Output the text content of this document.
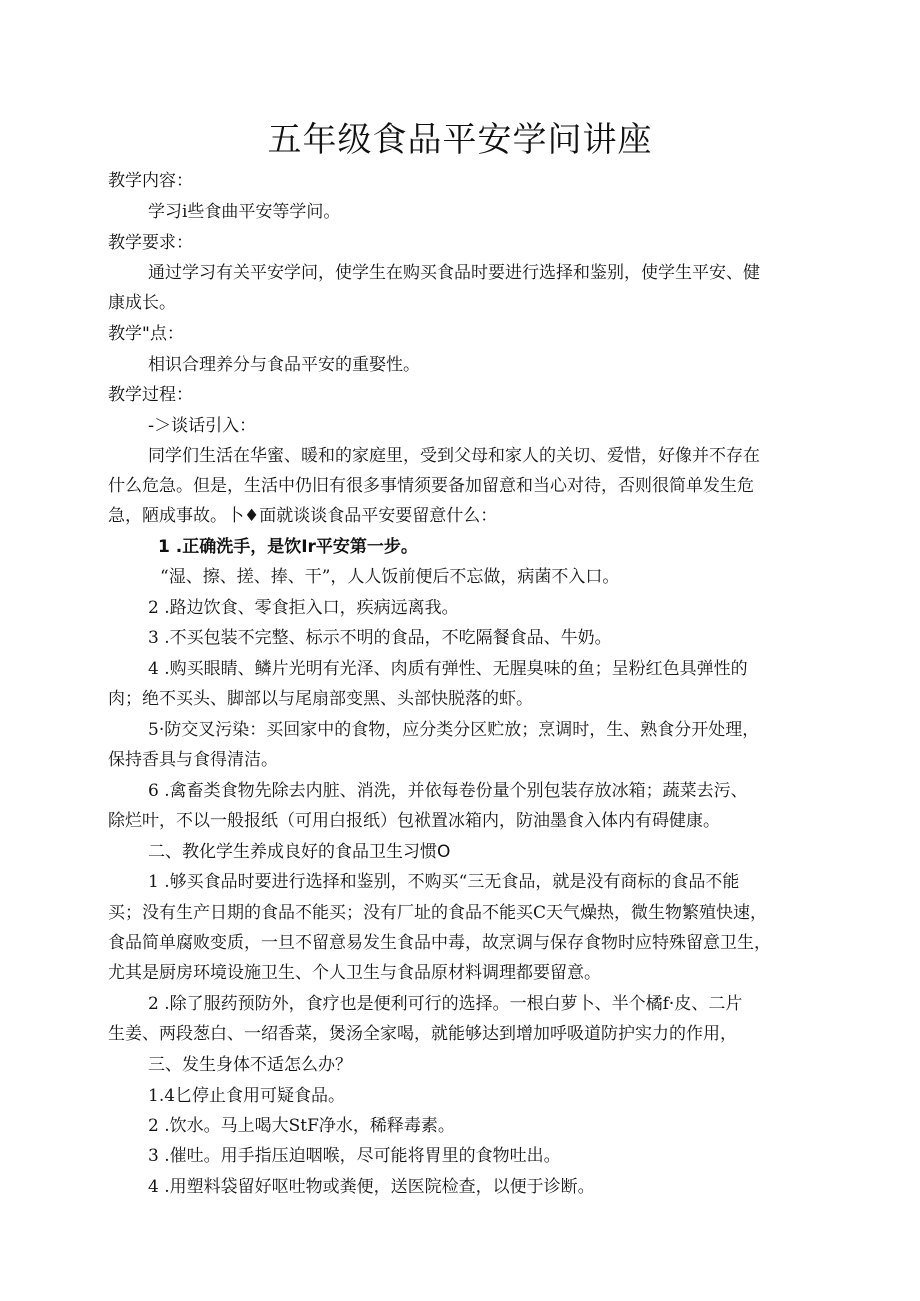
五年级食品平安学问讲座
教学内容：
学习i些食曲平安等学问。
教学要求：
通过学习有关平安学问，使学生在购买食品时要进行选择和鉴别，使学生平安、健
康成长。
教学"点：
相识合理养分与食品平安的重娶性。
教学过程：
-＞谈话引入：
同学们生活在华蜜、暖和的家庭里，受到父母和家人的关切、爱惜，好像并不存在
什么危急。但是，生活中仍旧有很多事情须要备加留意和当心对待，否则很简单发生危
急，陋成事故。卜♦面就谈谈食品平安要留意什么：
1 .正确洗手，是饮Ir平安第一步。
“湿、擦、搓、捧、干”，人人饭前便后不忘做，病菌不入口。
2 .路边饮食、零食拒入口，疾病远离我。
3 .不买包装不完整、标示不明的食品，不吃隔餐食品、牛奶。
4 .购买眼睛、鳞片光明有光泽、肉质有弹性、无腥臭味的鱼；呈粉红色具弹性的
肉；绝不买头、脚部以与尾扇部变黑、头部快脱落的虾。
5·防交叉污染：买回家中的食物，应分类分区贮放；烹调时，生、熟食分开处理，
保持香具与食得清洁。
6 .禽畜类食物先除去内脏、消洗，并依每卷份量个别包装存放冰箱；蔬菜去污、
除烂叶，不以一般报纸（可用白报纸）包袱置冰箱内，防油墨食入体内有碍健康。
二、教化学生养成良好的食品卫生习惯O
1 .够买食品时要进行选择和鉴别，不购买“三无食品，就是没有商标的食品不能
买；没有生产日期的食品不能买；没有厂址的食品不能买C天气燥热，微生物繁殖快速，
食品简单腐败变质，一旦不留意易发生食品中毒，故烹调与保存食物时应特殊留意卫生，
尤其是厨房环境设施卫生、个人卫生与食品原材料调理都要留意。
2 .除了服药预防外，食疗也是便利可行的选择。一根白萝卜、半个橘f·皮、二片
生姜、两段葱白、一绍香菜，煲汤全家喝，就能够达到增加呼吸道防护实力的作用，
三、发生身体不适怎么办？
1.4匕停止食用可疑食品。
2 .饮水。马上喝大StF净水，稀释毒素。
3 .催吐。用手指压迫咽喉，尽可能将胃里的食物吐出。
4 .用塑料袋留好呕吐物或粪便，送医院检查，以便于诊断。
